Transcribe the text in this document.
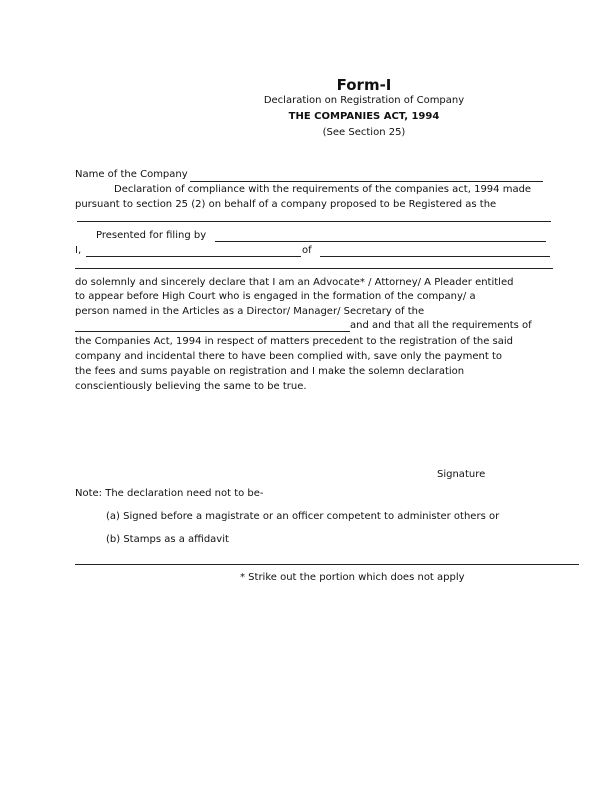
Form-I
Declaration on Registration of Company
THE COMPANIES ACT, 1994
(See Section 25)
Name of the Company
Declaration of compliance with the requirements of the companies act, 1994 made
pursuant to section 25 (2) on behalf of a company proposed to be Registered as the
Presented for filing by
I,	of
do solemnly and sincerely declare that I am an Advocate* / Attorney/ A Pleader entitled
to appear before High Court who is engaged in the formation of the company/ a
person named in the Articles as a Director/ Manager/ Secretary of the
and and that all the requirements of
the Companies Act, 1994 in respect of matters precedent to the registration of the said
company and incidental there to have been complied with, save only the payment to
the fees and sums payable on registration and I make the solemn declaration
conscientiously believing the same to be true.
Signature
Note: The declaration need not to be-
(a) Signed before a magistrate or an officer competent to administer others or
(b) Stamps as a affidavit
* Strike out the portion which does not apply
